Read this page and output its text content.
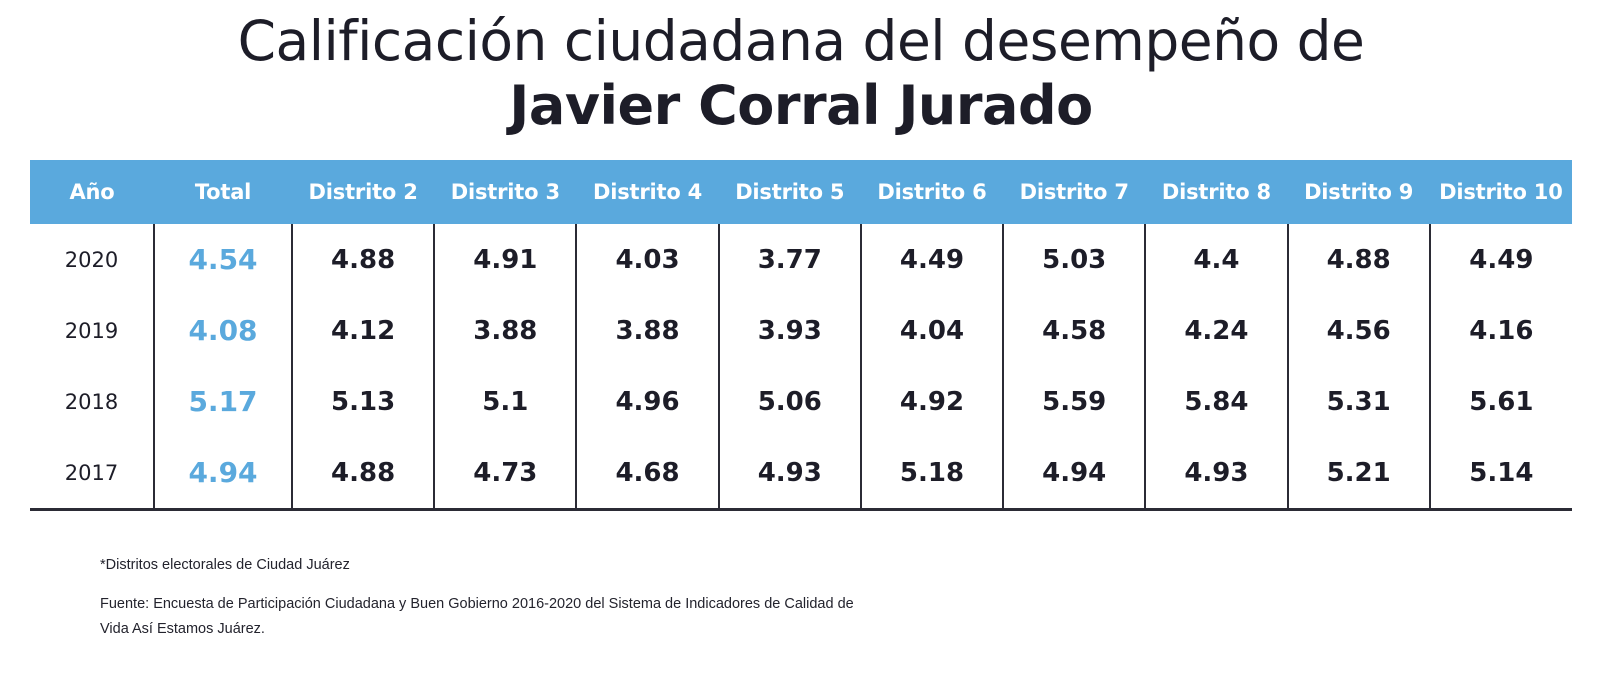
Calificación ciudadana del desempeño de
Javier Corral Jurado
Año	Total	Distrito 2	Distrito 3	Distrito 4	Distrito 5	Distrito 6	Distrito 7	Distrito 8	Distrito 9	Distrito 10
2020	4.54	4.88	4.91	4.03	3.77	4.49	5.03	4.4	4.88	4.49
2019	4.08	4.12	3.88	3.88	3.93	4.04	4.58	4.24	4.56	4.16
2018	5.17	5.13	5.1	4.96	5.06	4.92	5.59	5.84	5.31	5.61
2017	4.94	4.88	4.73	4.68	4.93	5.18	4.94	4.93	5.21	5.14
*Distritos electorales de Ciudad Juárez
Fuente: Encuesta de Participación Ciudadana y Buen Gobierno 2016-2020 del Sistema de Indicadores de Calidad de Vida Así Estamos Juárez.
